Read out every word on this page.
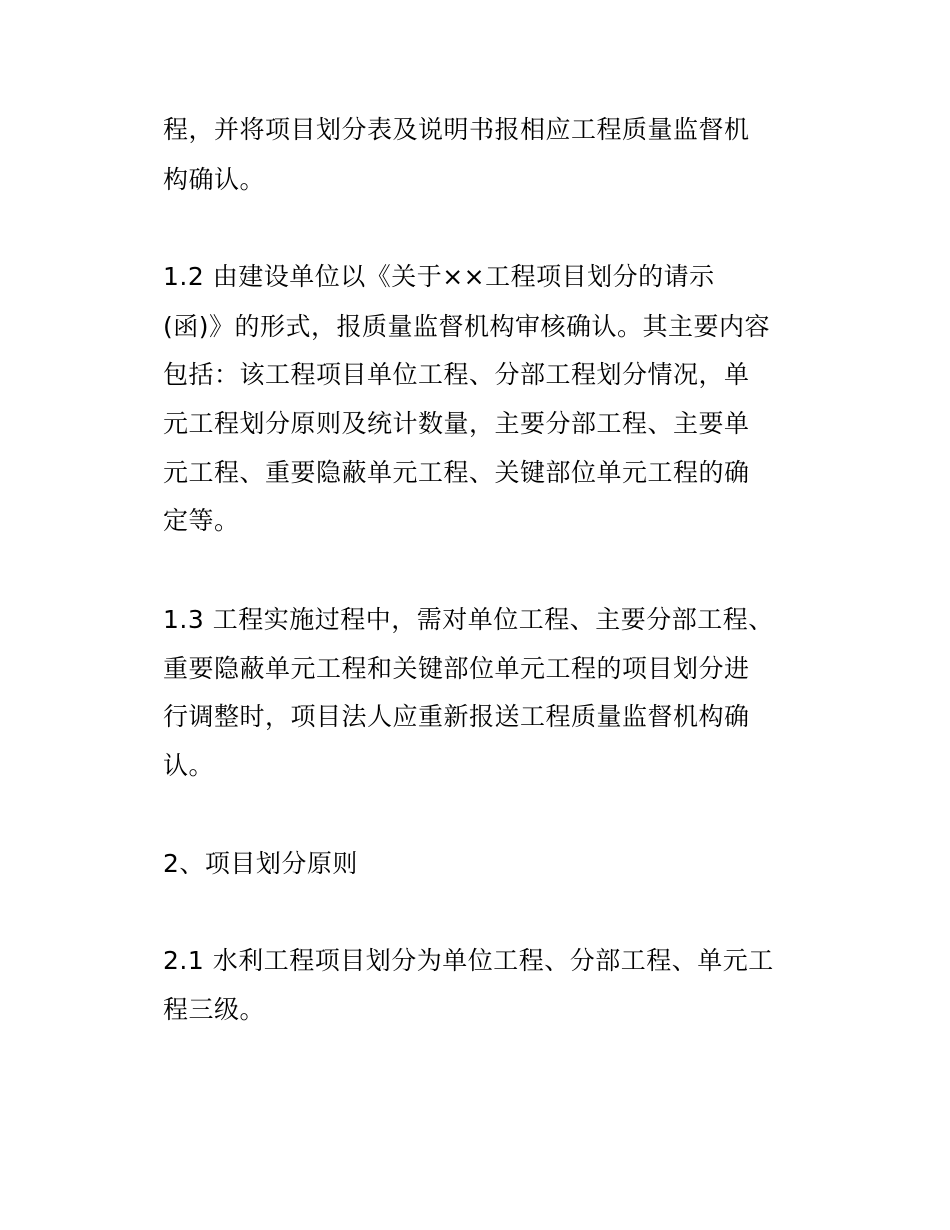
程，并将项目划分表及说明书报相应工程质量监督机
构确认。
1.2 由建设单位以《关于××工程项目划分的请示
(函)》的形式，报质量监督机构审核确认。其主要内容
包括：该工程项目单位工程、分部工程划分情况，单
元工程划分原则及统计数量，主要分部工程、主要单
元工程、重要隐蔽单元工程、关键部位单元工程的确
定等。
1.3 工程实施过程中，需对单位工程、主要分部工程、
重要隐蔽单元工程和关键部位单元工程的项目划分进
行调整时，项目法人应重新报送工程质量监督机构确
认。
2、项目划分原则
2.1 水利工程项目划分为单位工程、分部工程、单元工
程三级。
